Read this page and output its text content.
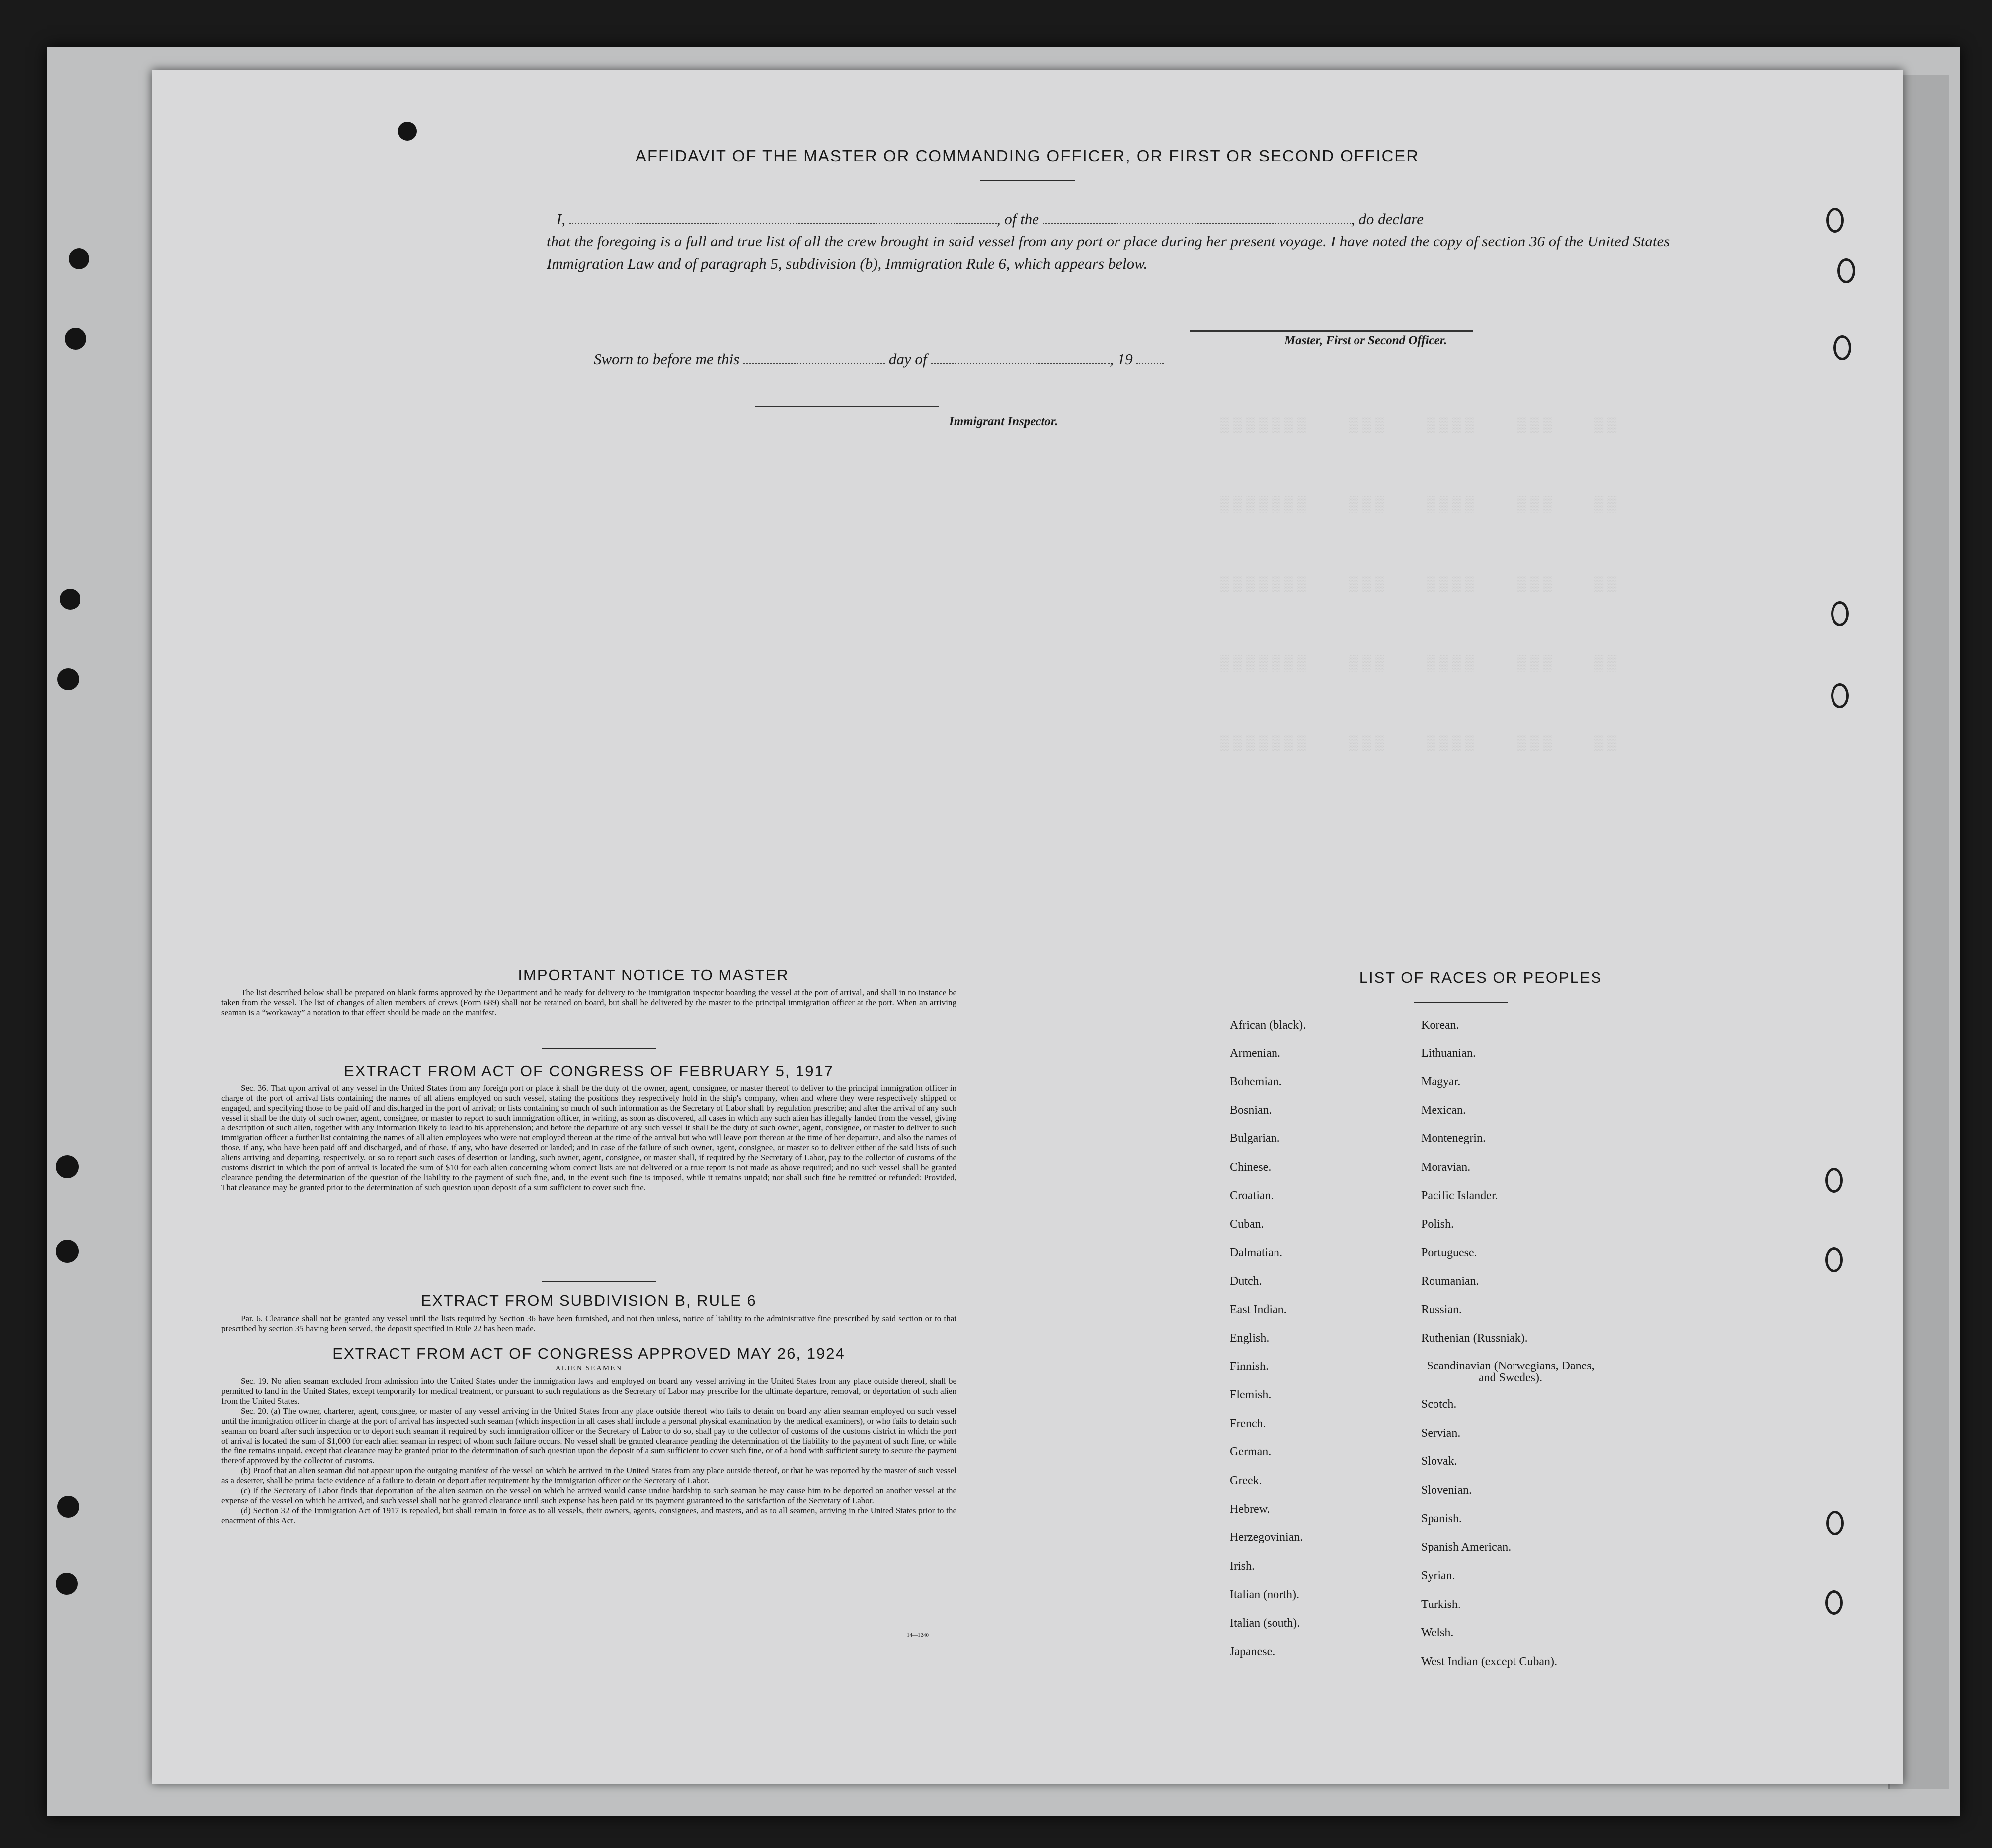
▒▒▒▒▒▒▒   ▒▒▒   ▒▒▒▒   ▒▒▒   ▒▒
▒▒▒▒▒▒▒   ▒▒▒   ▒▒▒▒   ▒▒▒   ▒▒
▒▒▒▒▒▒▒   ▒▒▒   ▒▒▒▒   ▒▒▒   ▒▒
▒▒▒▒▒▒▒   ▒▒▒   ▒▒▒▒   ▒▒▒   ▒▒
▒▒▒▒▒▒▒   ▒▒▒   ▒▒▒▒   ▒▒▒   ▒▒
AFFIDAVIT OF THE MASTER OR COMMANDING OFFICER, OR FIRST OR SECOND OFFICER
I,	, of the	, do declare
that the foregoing is a full and true list of all the crew brought in said vessel from any port or place during her present voyage. I have noted the copy of section 36 of the United States Immigration Law and of paragraph 5, subdivision (b), Immigration Rule 6, which appears below.
Master, First or Second Officer.
Sworn to before me this	day of	, 19
Immigrant Inspector.
IMPORTANT NOTICE TO MASTER

The list described below shall be prepared on blank forms approved by the Department and be ready for delivery to the immigration inspector boarding the vessel at the port of arrival, and shall in no instance be taken from the vessel. The list of changes of alien members of crews (Form 689) shall not be retained on board, but shall be delivered by the master to the principal immigration officer at the port. When an arriving seaman is a “workaway” a notation to that effect should be made on the manifest.

EXTRACT FROM ACT OF CONGRESS OF FEBRUARY 5, 1917

Sec. 36. That upon arrival of any vessel in the United States from any foreign port or place it shall be the duty of the owner, agent, consignee, or master thereof to deliver to the principal immigration officer in charge of the port of arrival lists containing the names of all aliens employed on such vessel, stating the positions they respectively hold in the ship's company, when and where they were respectively shipped or engaged, and specifying those to be paid off and discharged in the port of arrival; or lists containing so much of such information as the Secretary of Labor shall by regulation prescribe; and after the arrival of any such vessel it shall be the duty of such owner, agent, consignee, or master to report to such immigration officer, in writing, as soon as discovered, all cases in which any such alien has illegally landed from the vessel, giving a description of such alien, together with any information likely to lead to his apprehension; and before the departure of any such vessel it shall be the duty of such owner, agent, consignee, or master to deliver to such immigration officer a further list containing the names of all alien employees who were not employed thereon at the time of the arrival but who will leave port thereon at the time of her departure, and also the names of those, if any, who have been paid off and discharged, and of those, if any, who have deserted or landed; and in case of the failure of such owner, agent, consignee, or master so to deliver either of the said lists of such aliens arriving and departing, respectively, or so to report such cases of desertion or landing, such owner, agent, consignee, or master shall, if required by the Secretary of Labor, pay to the collector of customs of the customs district in which the port of arrival is located the sum of $10 for each alien concerning whom correct lists are not delivered or a true report is not made as above required; and no such vessel shall be granted clearance pending the determination of the question of the liability to the payment of such fine, and, in the event such fine is imposed, while it remains unpaid; nor shall such fine be remitted or refunded: Provided, That clearance may be granted prior to the determination of such question upon deposit of a sum sufficient to cover such fine.

EXTRACT FROM SUBDIVISION B, RULE 6

Par. 6. Clearance shall not be granted any vessel until the lists required by Section 36 have been furnished, and not then unless, notice of liability to the administrative fine prescribed by said section or to that prescribed by section 35 having been served, the deposit specified in Rule 22 has been made.

EXTRACT FROM ACT OF CONGRESS APPROVED MAY 26, 1924
ALIEN SEAMEN

Sec. 19. No alien seaman excluded from admission into the United States under the immigration laws and employed on board any vessel arriving in the United States from any place outside thereof, shall be permitted to land in the United States, except temporarily for medical treatment, or pursuant to such regulations as the Secretary of Labor may prescribe for the ultimate departure, removal, or deportation of such alien from the United States.

Sec. 20. (a) The owner, charterer, agent, consignee, or master of any vessel arriving in the United States from any place outside thereof who fails to detain on board any alien seaman employed on such vessel until the immigration officer in charge at the port of arrival has inspected such seaman (which inspection in all cases shall include a personal physical examination by the medical examiners), or who fails to detain such seaman on board after such inspection or to deport such seaman if required by such immigration officer or the Secretary of Labor to do so, shall pay to the collector of customs of the customs district in which the port of arrival is located the sum of $1,000 for each alien seaman in respect of whom such failure occurs. No vessel shall be granted clearance pending the determination of the liability to the payment of such fine, or while the fine remains unpaid, except that clearance may be granted prior to the determination of such question upon the deposit of a sum sufficient to cover such fine, or of a bond with sufficient surety to secure the payment thereof approved by the collector of customs.

(b) Proof that an alien seaman did not appear upon the outgoing manifest of the vessel on which he arrived in the United States from any place outside thereof, or that he was reported by the master of such vessel as a deserter, shall be prima facie evidence of a failure to detain or deport after requirement by the immigration officer or the Secretary of Labor.

(c) If the Secretary of Labor finds that deportation of the alien seaman on the vessel on which he arrived would cause undue hardship to such seaman he may cause him to be deported on another vessel at the expense of the vessel on which he arrived, and such vessel shall not be granted clearance until such expense has been paid or its payment guaranteed to the satisfaction of the Secretary of Labor.

(d) Section 32 of the Immigration Act of 1917 is repealed, but shall remain in force as to all vessels, their owners, agents, consignees, and masters, and as to all seamen, arriving in the United States prior to the enactment of this Act.

14—1240
LIST OF RACES OR PEOPLES
African (black).
Armenian.
Bohemian.
Bosnian.
Bulgarian.
Chinese.
Croatian.
Cuban.
Dalmatian.
Dutch.
East Indian.
English.
Finnish.
Flemish.
French.
German.
Greek.
Hebrew.
Herzegovinian.
Irish.
Italian (north).
Italian (south).
Japanese.
Korean.
Lithuanian.
Magyar.
Mexican.
Montenegrin.
Moravian.
Pacific Islander.
Polish.
Portuguese.
Roumanian.
Russian.
Ruthenian (Russniak).
Scandinavian (Norwegians, Danes, and Swedes).
Scotch.
Servian.
Slovak.
Slovenian.
Spanish.
Spanish American.
Syrian.
Turkish.
Welsh.
West Indian (except Cuban).
